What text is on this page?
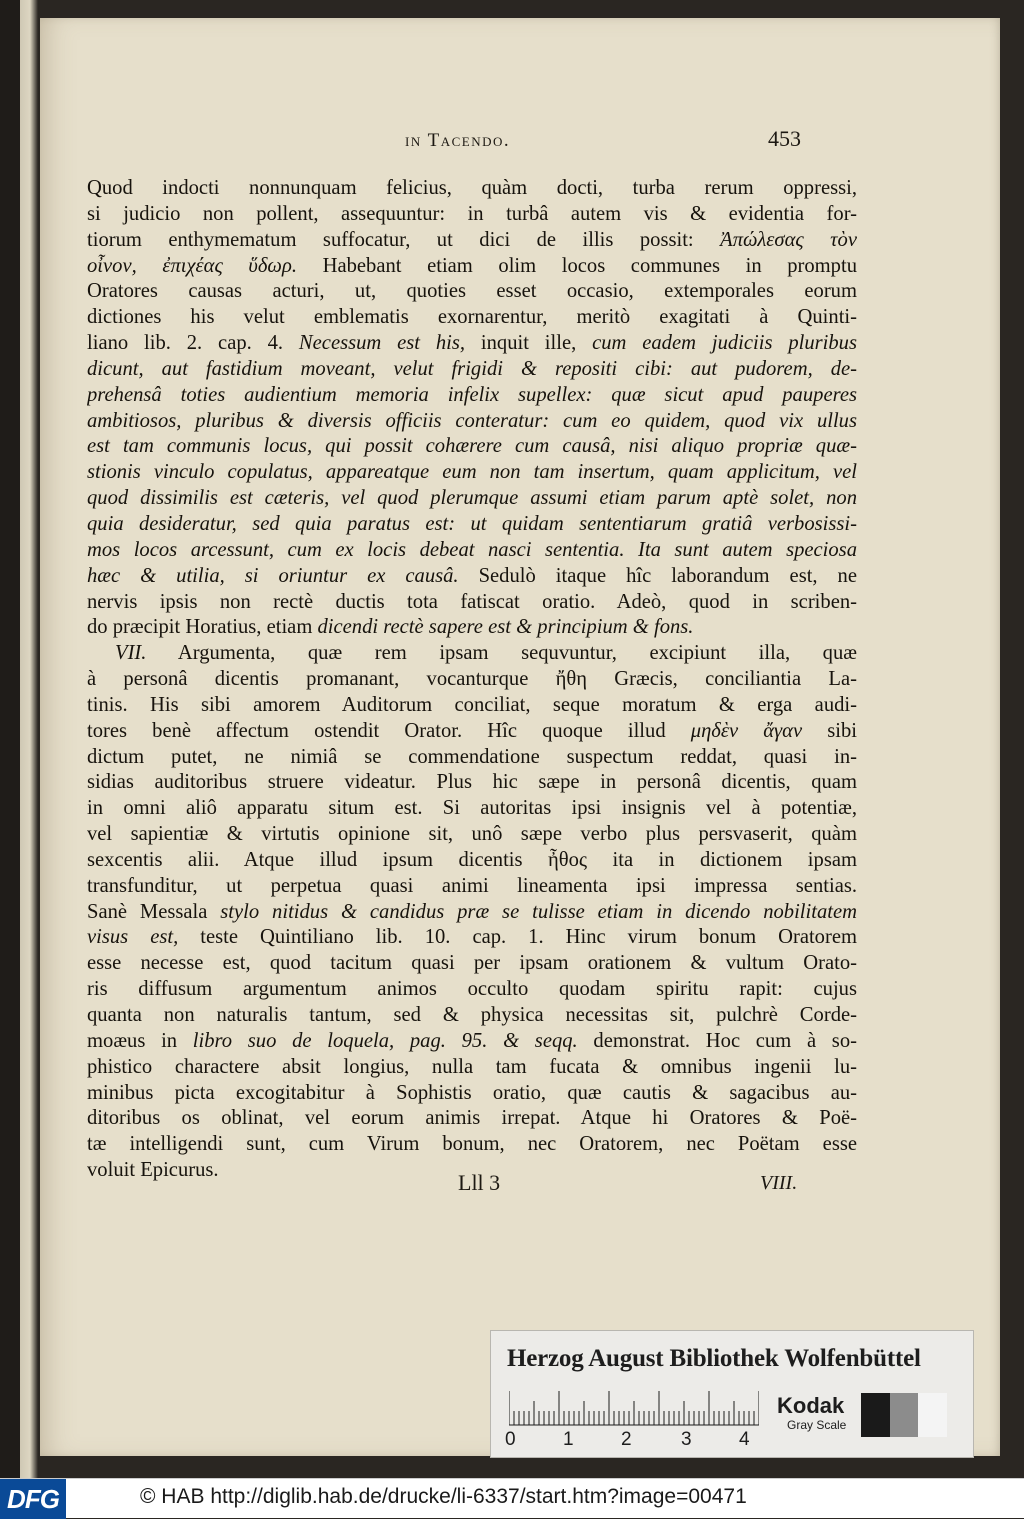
in Tacendo.	453
Quod indocti nonnunquam felicius, quàm docti, turba rerum oppressi,
si judicio non pollent, assequuntur: in turbâ autem vis & evidentia for-
tiorum enthymematum suffocatur, ut dici de illis possit: Ἀπώλεσας τὸν
οἶνον, ἐπιχέας ὕδωρ. Habebant etiam olim locos communes in promptu
Oratores causas acturi, ut, quoties esset occasio, extemporales eorum
dictiones his velut emblematis exornarentur, meritò exagitati à Quinti-
liano lib. 2. cap. 4. Necessum est his, inquit ille, cum eadem judiciis pluribus
dicunt, aut fastidium moveant, velut frigidi & repositi cibi: aut pudorem, de-
prehensâ toties audientium memoria infelix supellex: quæ sicut apud pauperes
ambitiosos, pluribus & diversis officiis conteratur: cum eo quidem, quod vix ullus
est tam communis locus, qui possit cohærere cum causâ, nisi aliquo propriæ quæ-
stionis vinculo copulatus, appareatque eum non tam insertum, quam applicitum, vel
quod dissimilis est cæteris, vel quod plerumque assumi etiam parum aptè solet, non
quia desideratur, sed quia paratus est: ut quidam sententiarum gratiâ verbosissi-
mos locos arcessunt, cum ex locis debeat nasci sententia. Ita sunt autem speciosa
hæc & utilia, si oriuntur ex causâ. Sedulò itaque hîc laborandum est, ne
nervis ipsis non rectè ductis tota fatiscat oratio. Adeò, quod in scriben-
do præcipit Horatius, etiam dicendi rectè sapere est & principium & fons.
VII. Argumenta, quæ rem ipsam sequvuntur, excipiunt illa, quæ
à personâ dicentis promanant, vocanturque ἤθη Græcis, conciliantia La-
tinis. His sibi amorem Auditorum conciliat, seque moratum & erga audi-
tores benè affectum ostendit Orator. Hîc quoque illud μηδὲν ἄγαν sibi
dictum putet, ne nimiâ se commendatione suspectum reddat, quasi in-
sidias auditoribus struere videatur. Plus hic sæpe in personâ dicentis, quam
in omni aliô apparatu situm est. Si autoritas ipsi insignis vel à potentiæ,
vel sapientiæ & virtutis opinione sit, unô sæpe verbo plus persvaserit, quàm
sexcentis alii. Atque illud ipsum dicentis ἦθος ita in dictionem ipsam
transfunditur, ut perpetua quasi animi lineamenta ipsi impressa sentias.
Sanè Messala stylo nitidus & candidus præ se tulisse etiam in dicendo nobilitatem
visus est, teste Quintiliano lib. 10. cap. 1. Hinc virum bonum Oratorem
esse necesse est, quod tacitum quasi per ipsam orationem & vultum Orato-
ris diffusum argumentum animos occulto quodam spiritu rapit: cujus
quanta non naturalis tantum, sed & physica necessitas sit, pulchrè Corde-
moæus in libro suo de loquela, pag. 95. & seqq. demonstrat. Hoc cum à so-
phistico charactere absit longius, nulla tam fucata & omnibus ingenii lu-
minibus picta excogitabitur à Sophistis oratio, quæ cautis & sagacibus au-
ditoribus os oblinat, vel eorum animis irrepat. Atque hi Oratores & Poë-
tæ intelligendi sunt, cum Virum bonum, nec Oratorem, nec Poëtam esse
voluit Epicurus.	Lll 3	VIII.
Herzog August Bibliothek Wolfenbüttel
0 1 2	3 4
Kodak
Gray Scale
DFG	© HAB http://diglib.hab.de/drucke/li-6337/start.htm?image=00471
